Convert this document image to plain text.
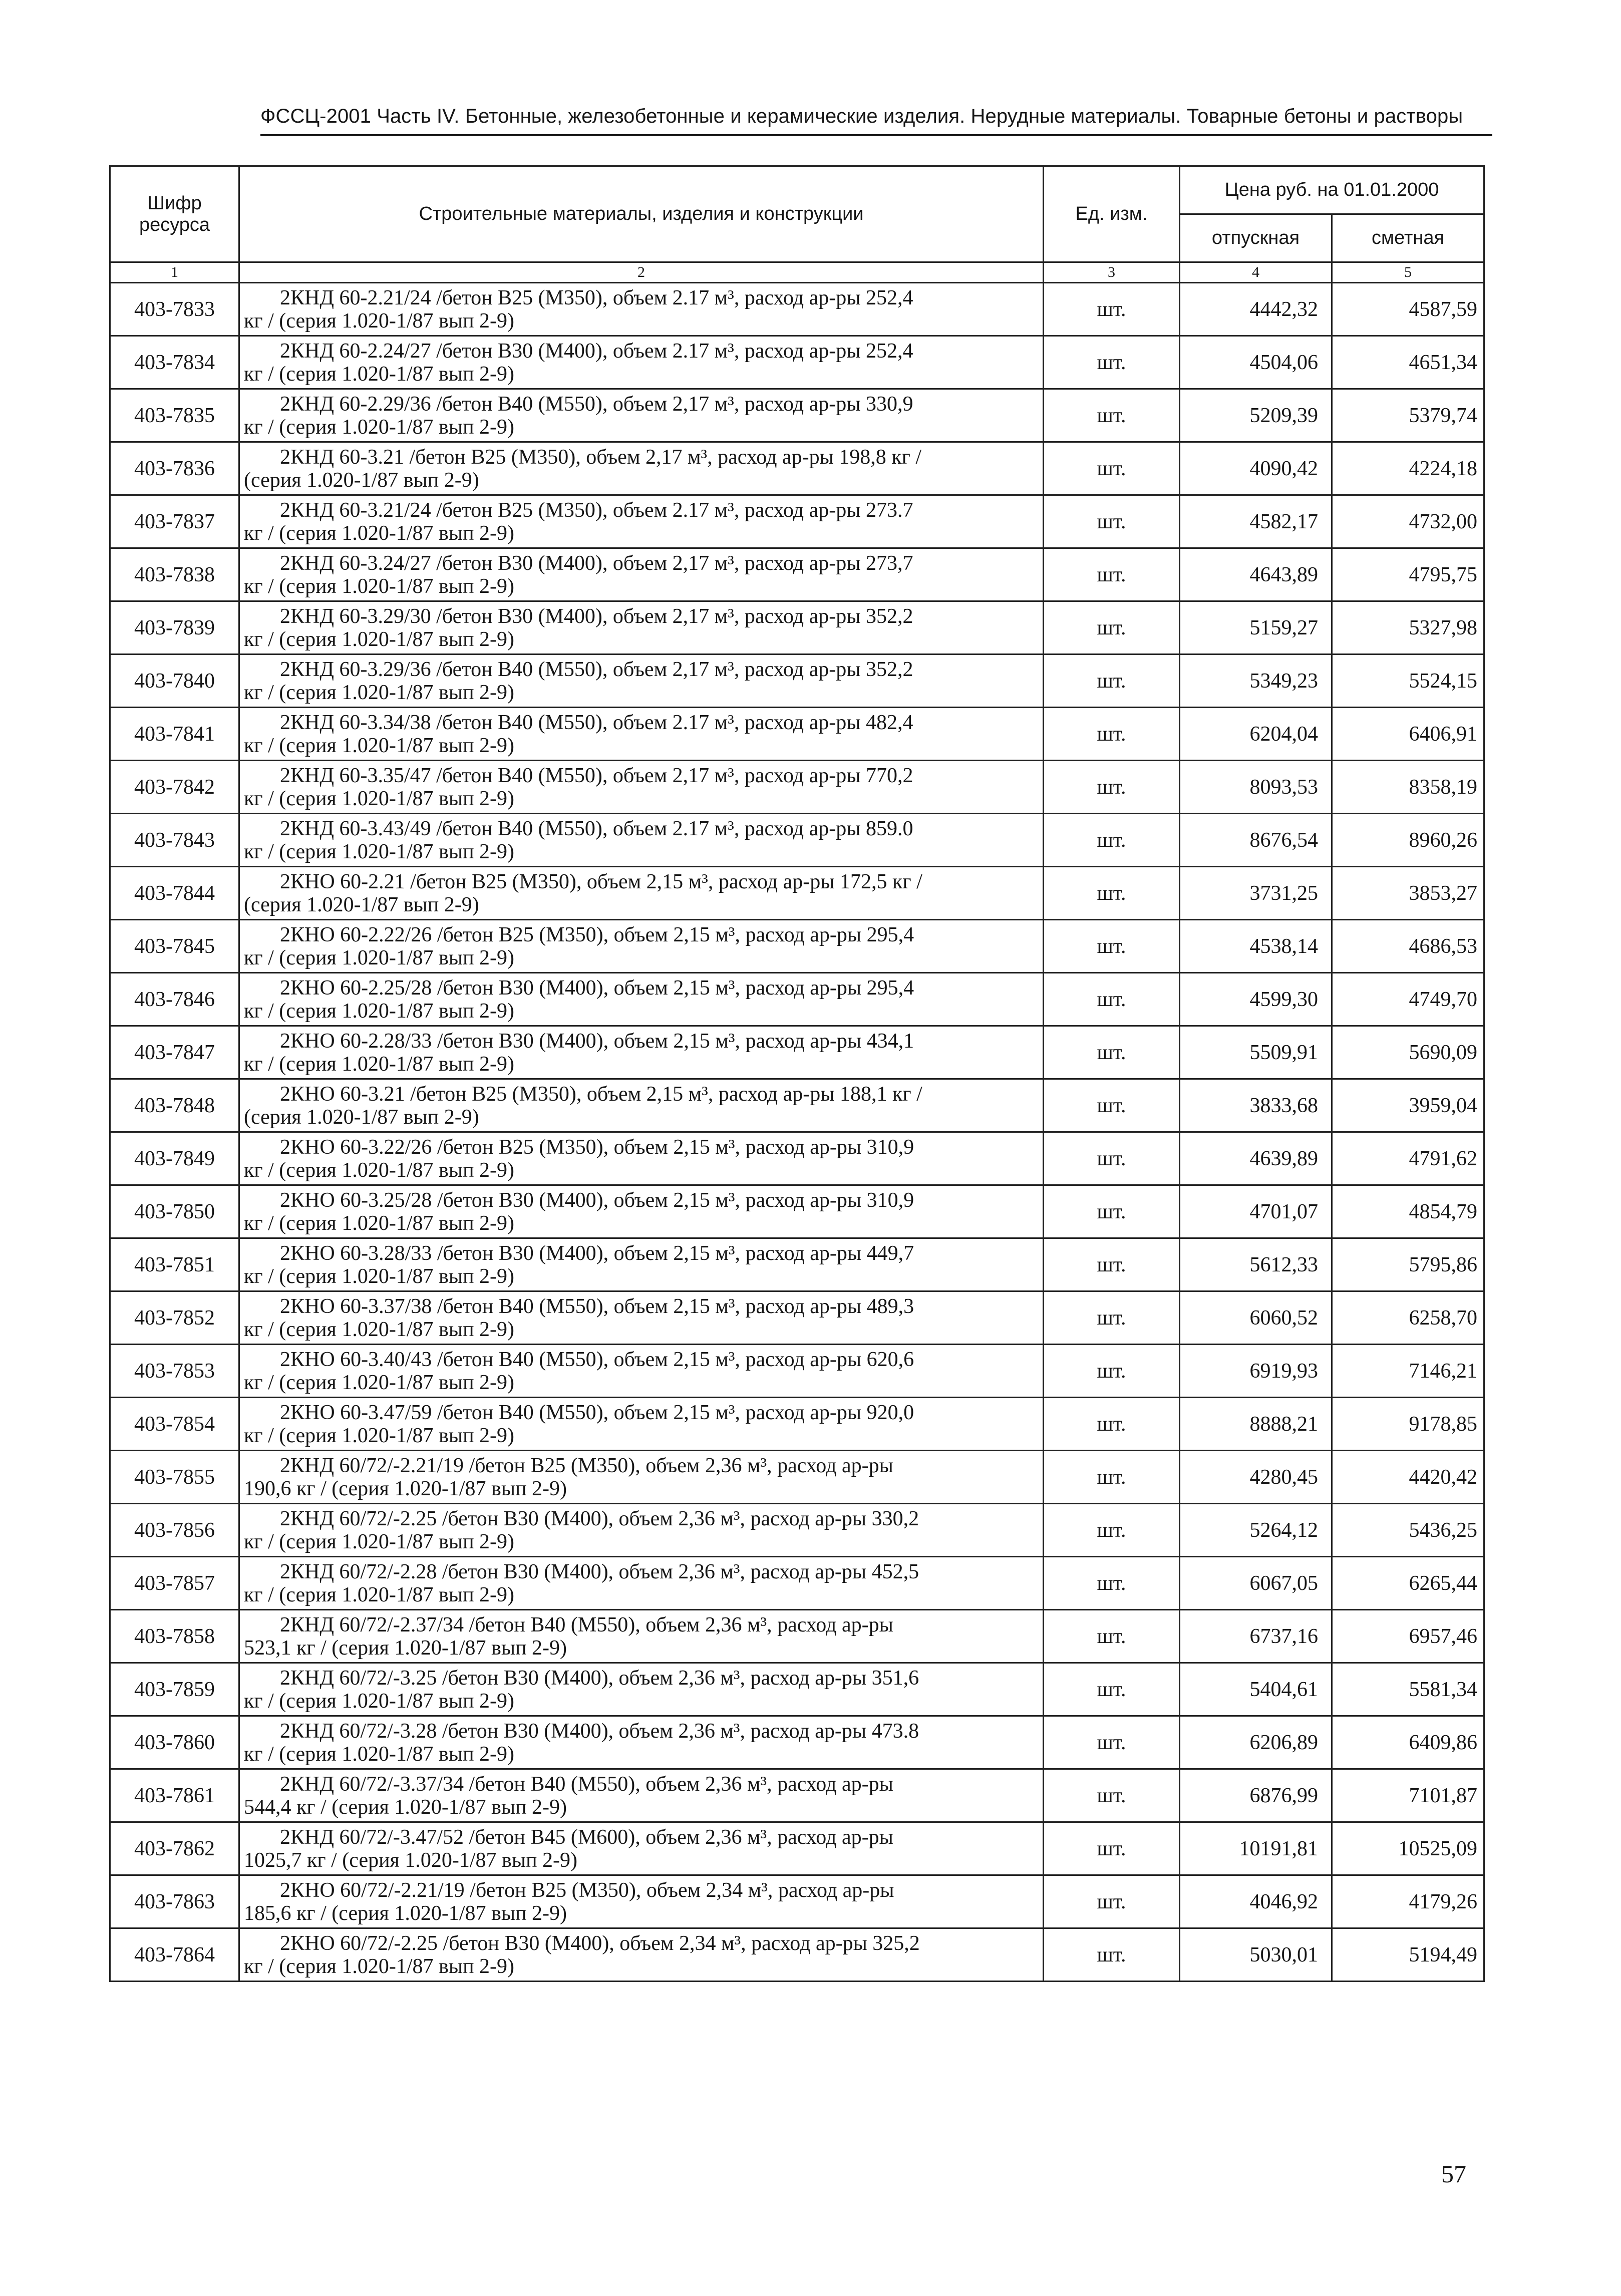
ФССЦ-2001 Часть IV. Бетонные, железобетонные и керамические изделия. Нерудные материалы. Товарные бетоны и растворы
Шифр ресурса	Строительные материалы, изделия и конструкции	Ед. изм.	Цена руб. на 01.01.2000	
			отпускная	сметная
1	2	3	4	5
403-7833	2КНД 60-2.21/24 /бетон В25 (М350), объем 2.17 м³, расход ар-ры 252,4
кг / (серия 1.020-1/87 вып 2-9)	шт.	4442,32	4587,59
403-7834	2КНД 60-2.24/27 /бетон В30 (М400), объем 2.17 м³, расход ар-ры 252,4
кг / (серия 1.020-1/87 вып 2-9)	шт.	4504,06	4651,34
403-7835	2КНД 60-2.29/36 /бетон В40 (М550), объем 2,17 м³, расход ар-ры 330,9
кг / (серия 1.020-1/87 вып 2-9)	шт.	5209,39	5379,74
403-7836	2КНД 60-3.21 /бетон В25 (М350), объем 2,17 м³, расход ар-ры 198,8 кг /
(серия 1.020-1/87 вып 2-9)	шт.	4090,42	4224,18
403-7837	2КНД 60-3.21/24 /бетон В25 (М350), объем 2.17 м³, расход ар-ры 273.7
кг / (серия 1.020-1/87 вып 2-9)	шт.	4582,17	4732,00
403-7838	2КНД 60-3.24/27 /бетон В30 (М400), объем 2,17 м³, расход ар-ры 273,7
кг / (серия 1.020-1/87 вып 2-9)	шт.	4643,89	4795,75
403-7839	2КНД 60-3.29/30 /бетон В30 (М400), объем 2,17 м³, расход ар-ры 352,2
кг / (серия 1.020-1/87 вып 2-9)	шт.	5159,27	5327,98
403-7840	2КНД 60-3.29/36 /бетон В40 (М550), объем 2,17 м³, расход ар-ры 352,2
кг / (серия 1.020-1/87 вып 2-9)	шт.	5349,23	5524,15
403-7841	2КНД 60-3.34/38 /бетон В40 (М550), объем 2.17 м³, расход ар-ры 482,4
кг / (серия 1.020-1/87 вып 2-9)	шт.	6204,04	6406,91
403-7842	2КНД 60-3.35/47 /бетон В40 (М550), объем 2,17 м³, расход ар-ры 770,2
кг / (серия 1.020-1/87 вып 2-9)	шт.	8093,53	8358,19
403-7843	2КНД 60-3.43/49 /бетон В40 (М550), объем 2.17 м³, расход ар-ры 859.0
кг / (серия 1.020-1/87 вып 2-9)	шт.	8676,54	8960,26
403-7844	2КНО 60-2.21 /бетон В25 (М350), объем 2,15 м³, расход ар-ры 172,5 кг /
(серия 1.020-1/87 вып 2-9)	шт.	3731,25	3853,27
403-7845	2КНО 60-2.22/26 /бетон В25 (М350), объем 2,15 м³, расход ар-ры 295,4
кг / (серия 1.020-1/87 вып 2-9)	шт.	4538,14	4686,53
403-7846	2КНО 60-2.25/28 /бетон В30 (М400), объем 2,15 м³, расход ар-ры 295,4
кг / (серия 1.020-1/87 вып 2-9)	шт.	4599,30	4749,70
403-7847	2КНО 60-2.28/33 /бетон В30 (М400), объем 2,15 м³, расход ар-ры 434,1
кг / (серия 1.020-1/87 вып 2-9)	шт.	5509,91	5690,09
403-7848	2КНО 60-3.21 /бетон В25 (М350), объем 2,15 м³, расход ар-ры 188,1 кг /
(серия 1.020-1/87 вып 2-9)	шт.	3833,68	3959,04
403-7849	2КНО 60-3.22/26 /бетон В25 (М350), объем 2,15 м³, расход ар-ры 310,9
кг / (серия 1.020-1/87 вып 2-9)	шт.	4639,89	4791,62
403-7850	2КНО 60-3.25/28 /бетон В30 (М400), объем 2,15 м³, расход ар-ры 310,9
кг / (серия 1.020-1/87 вып 2-9)	шт.	4701,07	4854,79
403-7851	2КНО 60-3.28/33 /бетон В30 (М400), объем 2,15 м³, расход ар-ры 449,7
кг / (серия 1.020-1/87 вып 2-9)	шт.	5612,33	5795,86
403-7852	2КНО 60-3.37/38 /бетон В40 (М550), объем 2,15 м³, расход ар-ры 489,3
кг / (серия 1.020-1/87 вып 2-9)	шт.	6060,52	6258,70
403-7853	2КНО 60-3.40/43 /бетон В40 (М550), объем 2,15 м³, расход ар-ры 620,6
кг / (серия 1.020-1/87 вып 2-9)	шт.	6919,93	7146,21
403-7854	2КНО 60-3.47/59 /бетон В40 (М550), объем 2,15 м³, расход ар-ры 920,0
кг / (серия 1.020-1/87 вып 2-9)	шт.	8888,21	9178,85
403-7855	2КНД 60/72/-2.21/19 /бетон В25 (М350), объем 2,36 м³, расход ар-ры
190,6 кг / (серия 1.020-1/87 вып 2-9)	шт.	4280,45	4420,42
403-7856	2КНД 60/72/-2.25 /бетон В30 (М400), объем 2,36 м³, расход ар-ры 330,2
кг / (серия 1.020-1/87 вып 2-9)	шт.	5264,12	5436,25
403-7857	2КНД 60/72/-2.28 /бетон В30 (М400), объем 2,36 м³, расход ар-ры 452,5
кг / (серия 1.020-1/87 вып 2-9)	шт.	6067,05	6265,44
403-7858	2КНД 60/72/-2.37/34 /бетон В40 (М550), объем 2,36 м³, расход ар-ры
523,1 кг / (серия 1.020-1/87 вып 2-9)	шт.	6737,16	6957,46
403-7859	2КНД 60/72/-3.25 /бетон В30 (М400), объем 2,36 м³, расход ар-ры 351,6
кг / (серия 1.020-1/87 вып 2-9)	шт.	5404,61	5581,34
403-7860	2КНД 60/72/-3.28 /бетон В30 (М400), объем 2,36 м³, расход ар-ры 473.8
кг / (серия 1.020-1/87 вып 2-9)	шт.	6206,89	6409,86
403-7861	2КНД 60/72/-3.37/34 /бетон В40 (М550), объем 2,36 м³, расход ар-ры
544,4 кг / (серия 1.020-1/87 вып 2-9)	шт.	6876,99	7101,87
403-7862	2КНД 60/72/-3.47/52 /бетон В45 (М600), объем 2,36 м³, расход ар-ры
1025,7 кг / (серия 1.020-1/87 вып 2-9)	шт.	10191,81	10525,09
403-7863	2КНО 60/72/-2.21/19 /бетон В25 (М350), объем 2,34 м³, расход ар-ры
185,6 кг / (серия 1.020-1/87 вып 2-9)	шт.	4046,92	4179,26
403-7864	2КНО 60/72/-2.25 /бетон В30 (М400), объем 2,34 м³, расход ар-ры 325,2
кг / (серия 1.020-1/87 вып 2-9)	шт.	5030,01	5194,49
57
